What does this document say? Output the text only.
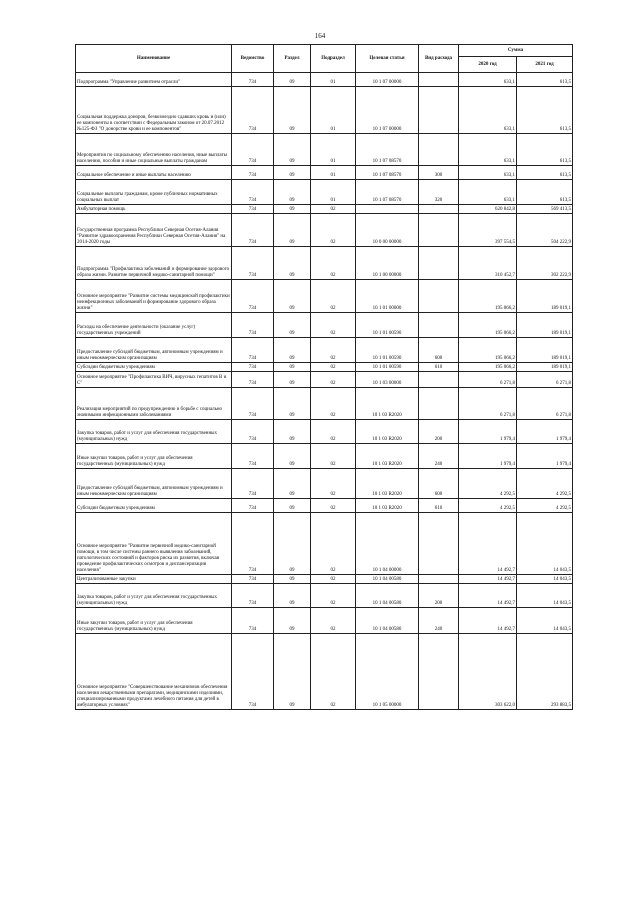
164
Наименование	Ведомство	Раздел	Подраздел	Целевая статья	Вид расхода	Сумма	
						2020 год	2021 год
Подпрограмма "Управление развитием отрасли"	734	09	01	10 1 07 00000		633,1	613,5
Социальная поддержка доноров, безвозмездно сдавших кровь и (или) ее компоненты в соответствии с Федеральным законом от 20.07.2012 №125-ФЗ "О донорстве крови и ее компонентов"	734	09	01	10 1 07 00000		633,1	613,5
Мероприятия по социальному обеспечению населения, иные выплаты населению, пособия и иные социальные выплаты гражданам	734	09	01	10 1 07 08570		633,1	613,5
Социальное обеспечение и иные выплаты населению	734	09	01	10 1 07 08570	300	633,1	613,5
Социальные выплаты гражданам, кроме публичных нормативных социальных выплат	734	09	01	10 1 07 08570	320	633,1	613,5
Амбулаторная помощь	734	09	02			620 842,8	569 413,5
Государственная программа Республики Северная Осетия-Алания "Развитие здравоохранения Республики Северная Осетия-Алания" на 2014-2020 годы	734	09	02	10 0 00 00000		397 554,5	504 222,9
Подпрограмма "Профилактика заболеваний и формирование здорового образа жизни. Развитие первичной медико-санитарной помощи"	734	09	02	10 1 00 00000		310 452,7	302 222,9
Основное мероприятие "Развитие системы медицинской профилактики неинфекционных заболеваний и формирование здорового образа жизни"	734	09	02	10 1 01 00000		195 066,2	189 019,1
Расходы на обеспечение деятельности (оказание услуг) государственных учреждений	734	09	02	10 1 01 00590		195 066,2	189 019,1
Предоставление субсидий бюджетным, автономным учреждениям и иным некоммерческим организациям	734	09	02	10 1 01 00590	600	195 066,2	189 019,1
Субсидии бюджетным учреждениям	734	09	02	10 1 01 00590	610	195 066,2	189 019,1
Основное мероприятие "Профилактика ВИЧ, вирусных гепатитов В и С"	734	09	02	10 1 03 00000		6 271,8	6 271,8
Реализация мероприятий по предупреждению и борьбе с социально значимыми инфекционными заболеваниями	734	09	02	10 1 03 R2020		6 271,8	6 271,8
Закупка товаров, работ и услуг для обеспечения государственных (муниципальных) нужд	734	09	02	10 1 03 R2020	200	1 979,4	1 979,4
Иные закупки товаров, работ и услуг для обеспечения государственных (муниципальных) нужд	734	09	02	10 1 03 R2020	240	1 979,4	1 979,4
Предоставление субсидий бюджетным, автономным учреждениям и иным некоммерческим организациям	734	09	02	10 1 03 R2020	600	4 292,5	4 292,5
Субсидии бюджетным учреждениям	734	09	02	10 1 03 R2020	610	4 292,5	4 292,5
Основное мероприятие "Развитие первичной медико-санитарной помощи, в том числе системы раннего выявления заболеваний, патологических состояний и факторов риска их развития, включая проведение профилактических осмотров и диспансеризации населения"	734	09	02	10 1 04 00000		14 492,7	14 043,5
Централизованные закупки	734	09	02	10 1 04 00580		14 492,7	14 043,5
Закупка товаров, работ и услуг для обеспечения государственных (муниципальных) нужд	734	09	02	10 1 04 00580	200	14 492,7	14 043,5
Иные закупки товаров, работ и услуг для обеспечения государственных (муниципальных) нужд	734	09	02	10 1 04 00580	240	14 492,7	14 043,5
Основное мероприятие "Совершенствование механизмов обеспечения населения лекарственными препаратами, медицинскими изделиями, специализированными продуктами лечебного питания для детей в амбулаторных условиях"	734	09	02	10 1 05 00000		303 622,0	293 883,5
